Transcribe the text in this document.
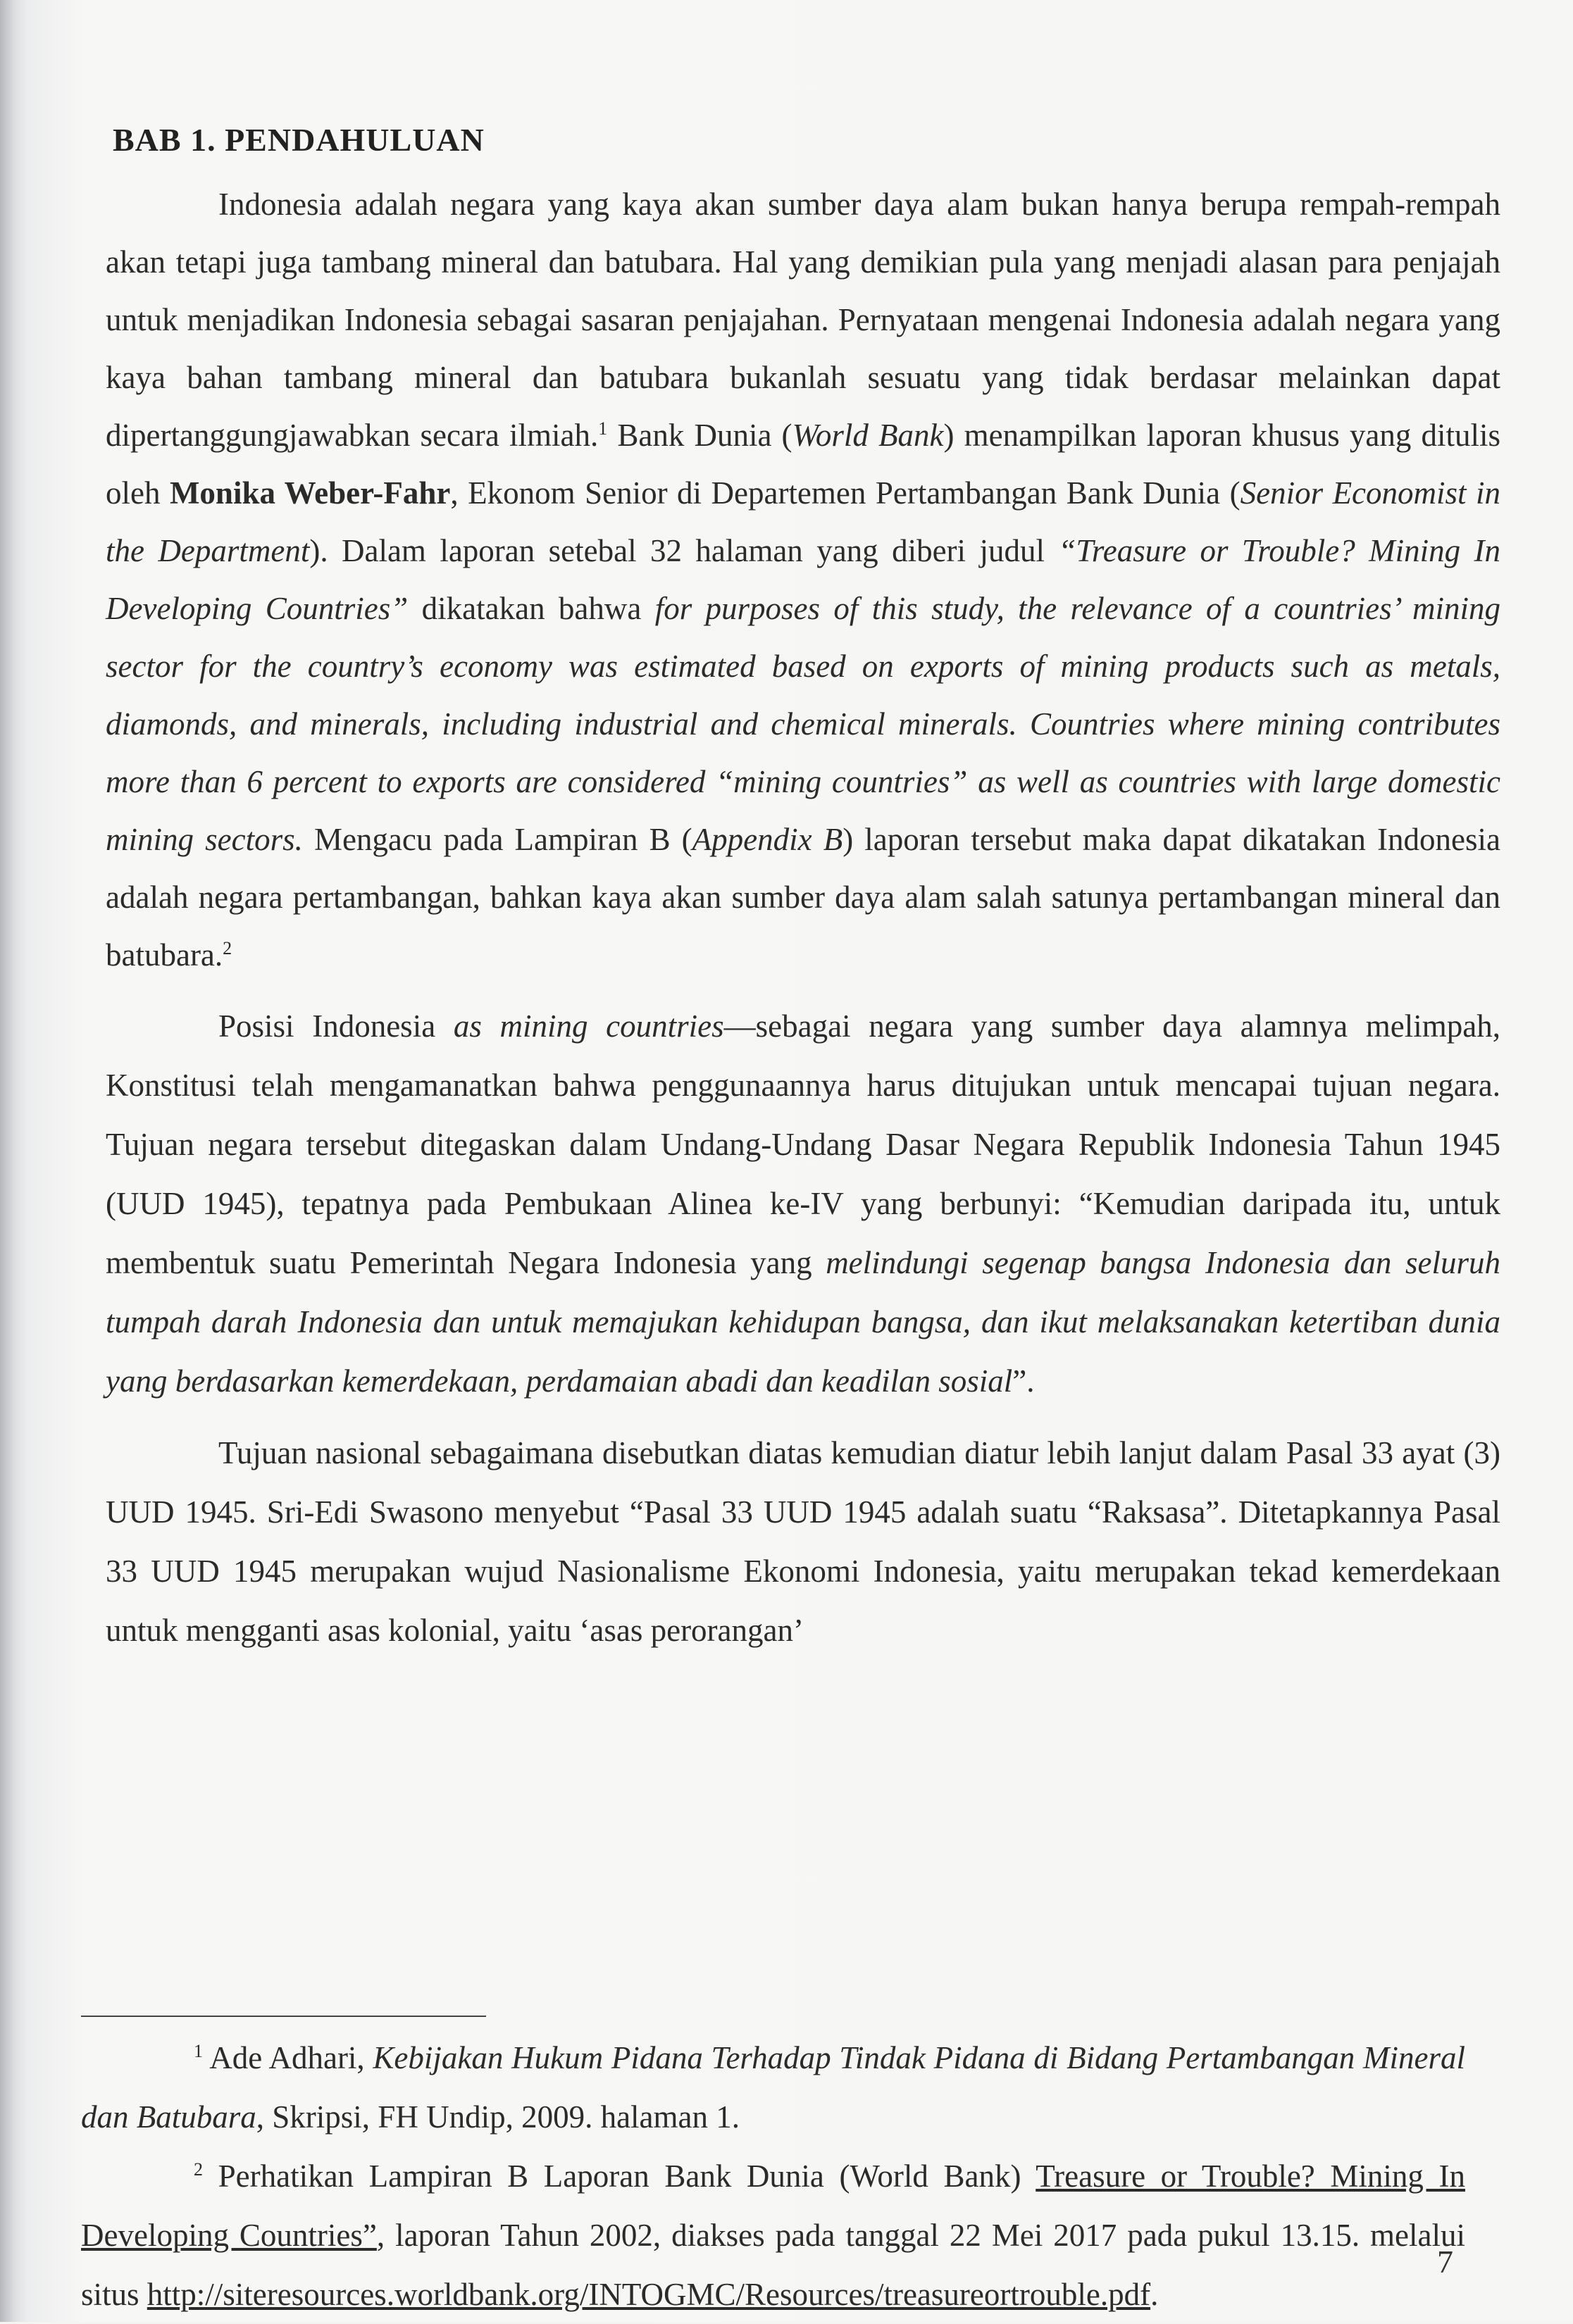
BAB 1. PENDAHULUAN

Indonesia adalah negara yang kaya akan sumber daya alam bukan hanya berupa rempah-rempah akan tetapi juga tambang mineral dan batubara. Hal yang demikian pula yang menjadi alasan para penjajah untuk menjadikan Indonesia sebagai sasaran penjajahan. Pernyataan mengenai Indonesia adalah negara yang kaya bahan tambang mineral dan batubara bukanlah sesuatu yang tidak berdasar melainkan dapat dipertanggungjawabkan secara ilmiah.$^1$ Bank Dunia (World Bank) menampilkan laporan khusus yang ditulis oleh Monika Weber-Fahr, Ekonom Senior di Departemen Pertambangan Bank Dunia (Senior Economist in the Department). Dalam laporan setebal 32 halaman yang diberi judul “Treasure or Trouble? Mining In Developing Countries” dikatakan bahwa for purposes of this study, the relevance of a countries’ mining sector for the country’s economy was estimated based on exports of mining products such as metals, diamonds, and minerals, including industrial and chemical minerals. Countries where mining contributes more than 6 percent to exports are considered “mining countries” as well as countries with large domestic mining sectors. Mengacu pada Lampiran B (Appendix B) laporan tersebut maka dapat dikatakan Indonesia adalah negara pertambangan, bahkan kaya akan sumber daya alam salah satunya pertambangan mineral dan batubara.$^2$

Posisi Indonesia as mining countries—sebagai negara yang sumber daya alamnya melimpah, Konstitusi telah mengamanatkan bahwa penggunaannya harus ditujukan untuk mencapai tujuan negara. Tujuan negara tersebut ditegaskan dalam Undang-Undang Dasar Negara Republik Indonesia Tahun 1945 (UUD 1945), tepatnya pada Pembukaan Alinea ke-IV yang berbunyi: “Kemudian daripada itu, untuk membentuk suatu Pemerintah Negara Indonesia yang melindungi segenap bangsa Indonesia dan seluruh tumpah darah Indonesia dan untuk memajukan kehidupan bangsa, dan ikut melaksanakan ketertiban dunia yang berdasarkan kemerdekaan, perdamaian abadi dan keadilan sosial”.

Tujuan nasional sebagaimana disebutkan diatas kemudian diatur lebih lanjut dalam Pasal 33 ayat (3) UUD 1945. Sri-Edi Swasono menyebut “Pasal 33 UUD 1945 adalah suatu “Raksasa”. Ditetapkannya Pasal 33 UUD 1945 merupakan wujud Nasionalisme Ekonomi Indonesia, yaitu merupakan tekad kemerdekaan untuk mengganti asas kolonial, yaitu ‘asas perorangan’

$^1$ Ade Adhari, Kebijakan Hukum Pidana Terhadap Tindak Pidana di Bidang Pertambangan Mineral dan Batubara, Skripsi, FH Undip, 2009. halaman 1.

$^2$ Perhatikan Lampiran B Laporan Bank Dunia (World Bank) Treasure or Trouble? Mining In Developing Countries”, laporan Tahun 2002, diakses pada tanggal 22 Mei 2017 pada pukul 13.15. melalui situs http://siteresources.worldbank.org/INTOGMC/Resources/treasureortrouble.pdf.

7
